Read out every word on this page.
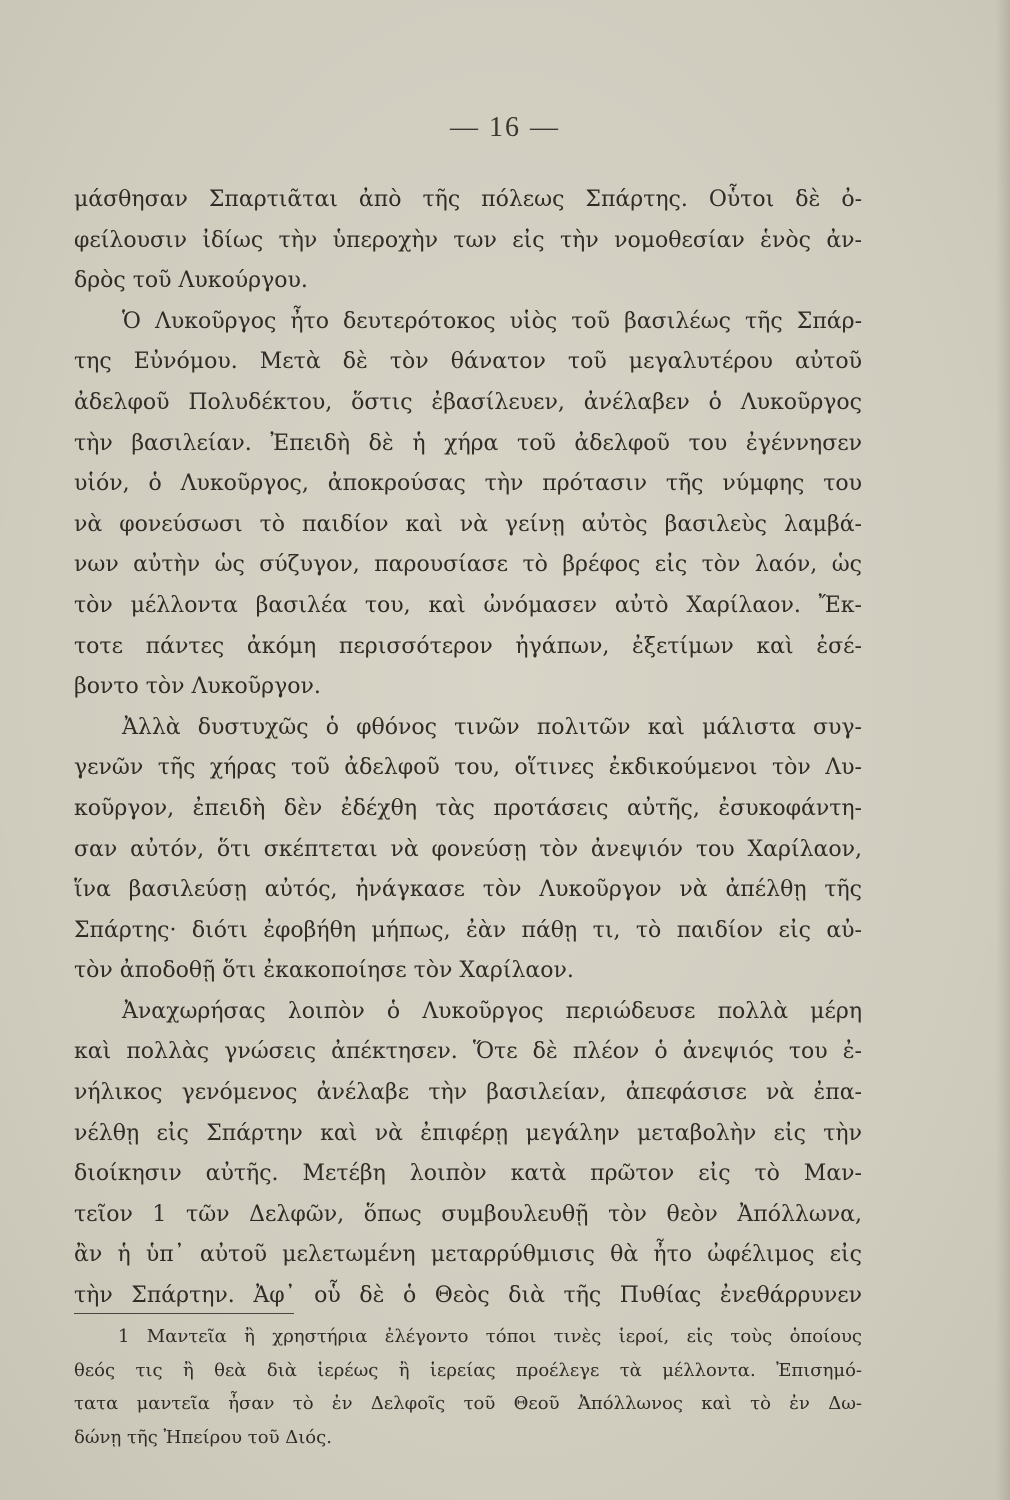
— 16 —
μάσθησαν Σπαρτιᾶται ἀπὸ τῆς πόλεως Σπάρτης. Οὗτοι δὲ ὀ-
φείλουσιν ἰδίως τὴν ὑπεροχὴν των εἰς τὴν νομοθεσίαν ἑνὸς ἀν-
δρὸς τοῦ Λυκούργου.
Ὁ Λυκοῦργος ἦτο δευτερότοκος υἱὸς τοῦ βασιλέως τῆς Σπάρ-
της Εὐνόμου. Μετὰ δὲ τὸν θάνατον τοῦ μεγαλυτέρου αὐτοῦ
ἀδελφοῦ Πολυδέκτου, ὅστις ἐβασίλευεν, ἀνέλαβεν ὁ Λυκοῦργος
τὴν βασιλείαν. Ἐπειδὴ δὲ ἡ χήρα τοῦ ἀδελφοῦ του ἐγέννησεν
υἱόν, ὁ Λυκοῦργος, ἀποκρούσας τὴν πρότασιν τῆς νύμφης του
νὰ φονεύσωσι τὸ παιδίον καὶ νὰ γείνῃ αὐτὸς βασιλεὺς λαμβά-
νων αὐτὴν ὡς σύζυγον, παρουσίασε τὸ βρέφος εἰς τὸν λαόν, ὡς
τὸν μέλλοντα βασιλέα του, καὶ ὠνόμασεν αὐτὸ Χαρίλαον. Ἔκ-
τοτε πάντες ἀκόμη περισσότερον ἠγάπων, ἐξετίμων καὶ ἐσέ-
βοντο τὸν Λυκοῦργον.
Ἀλλὰ δυστυχῶς ὁ φθόνος τινῶν πολιτῶν καὶ μάλιστα συγ-
γενῶν τῆς χήρας τοῦ ἀδελφοῦ του, οἵτινες ἐκδικούμενοι τὸν Λυ-
κοῦργον, ἐπειδὴ δὲν ἐδέχθη τὰς προτάσεις αὐτῆς, ἐσυκοφάντη-
σαν αὐτόν, ὅτι σκέπτεται νὰ φονεύσῃ τὸν ἀνεψιόν του Χαρίλαον,
ἵνα βασιλεύσῃ αὐτός, ἠνάγκασε τὸν Λυκοῦργον νὰ ἀπέλθῃ τῆς
Σπάρτης· διότι ἐφοβήθη μήπως, ἐὰν πάθῃ τι, τὸ παιδίον εἰς αὐ-
τὸν ἀποδοθῇ ὅτι ἐκακοποίησε τὸν Χαρίλαον.
Ἀναχωρήσας λοιπὸν ὁ Λυκοῦργος περιώδευσε πολλὰ μέρη
καὶ πολλὰς γνώσεις ἀπέκτησεν. Ὅτε δὲ πλέον ὁ ἀνεψιός του ἐ-
νήλικος γενόμενος ἀνέλαβε τὴν βασιλείαν, ἀπεφάσισε νὰ ἐπα-
νέλθῃ εἰς Σπάρτην καὶ νὰ ἐπιφέρῃ μεγάλην μεταβολὴν εἰς τὴν
διοίκησιν αὐτῆς. Μετέβη λοιπὸν κατὰ πρῶτον εἰς τὸ Μαν-
τεῖον 1 τῶν Δελφῶν, ὅπως συμβουλευθῇ τὸν θεὸν Ἀπόλλωνα,
ἂν ἡ ὑπ᾽ αὐτοῦ μελετωμένη μεταρρύθμισις θὰ ἦτο ὠφέλιμος εἰς
τὴν Σπάρτην. Ἀφ᾽ οὗ δὲ ὁ Θεὸς διὰ τῆς Πυθίας ἐνεθάρρυνεν
1 Μαντεῖα ἢ χρηστήρια ἐλέγοντο τόποι τινὲς ἱεροί, εἰς τοὺς ὁποίους
θεός τις ἢ θεὰ διὰ ἱερέως ἢ ἱερείας προέλεγε τὰ μέλλοντα. Ἐπισημό-
τατα μαντεῖα ἦσαν τὸ ἐν Δελφοῖς τοῦ Θεοῦ Ἀπόλλωνος καὶ τὸ ἐν Δω-
δώνῃ τῆς Ἠπείρου τοῦ Διός.
